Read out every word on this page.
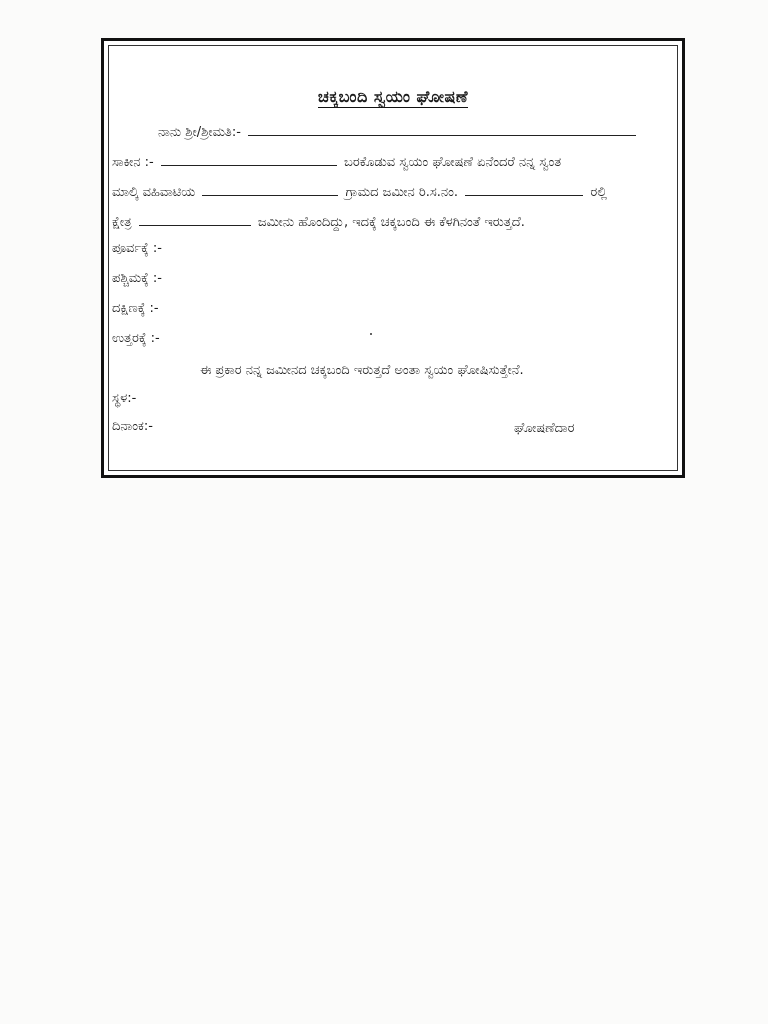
ಚಕ್ಕಬಂದಿ ಸ್ವಯಂ ಘೋಷಣೆ
ನಾನು ಶ್ರೀ/ಶ್ರೀಮತಿ:-
ಸಾಕೀನ :-	ಬರಕೊಡುವ ಸ್ವಯಂ ಘೋಷಣೆ ಏನೆಂದರೆ ನನ್ನ ಸ್ವಂತ
ಮಾಲ್ಕಿ ವಹಿವಾಟಿಯ	ಗ್ರಾಮದ ಜಮೀನ ರಿ.ಸ.ನಂ.	ರಲ್ಲಿ
ಕ್ಷೇತ್ರ	ಜಮೀನು ಹೊಂದಿದ್ದು, ಇದಕ್ಕೆ ಚಕ್ಕಬಂದಿ ಈ ಕೆಳಗಿನಂತೆ ಇರುತ್ತದೆ.
ಪೂರ್ವಕ್ಕೆ :-
ಪಶ್ಚಿಮಕ್ಕೆ :-
ದಕ್ಷಿಣಕ್ಕೆ :-
ಉತ್ತರಕ್ಕೆ :-
ಈ ಪ್ರಕಾರ ನನ್ನ ಜಮೀನದ ಚಕ್ಕಬಂದಿ ಇರುತ್ತದೆ ಅಂತಾ ಸ್ವಯಂ ಘೋಷಿಸುತ್ತೇನೆ.
ಸ್ಥಳ:-
ದಿನಾಂಕ:-	ಘೋಷಣೆದಾರ
